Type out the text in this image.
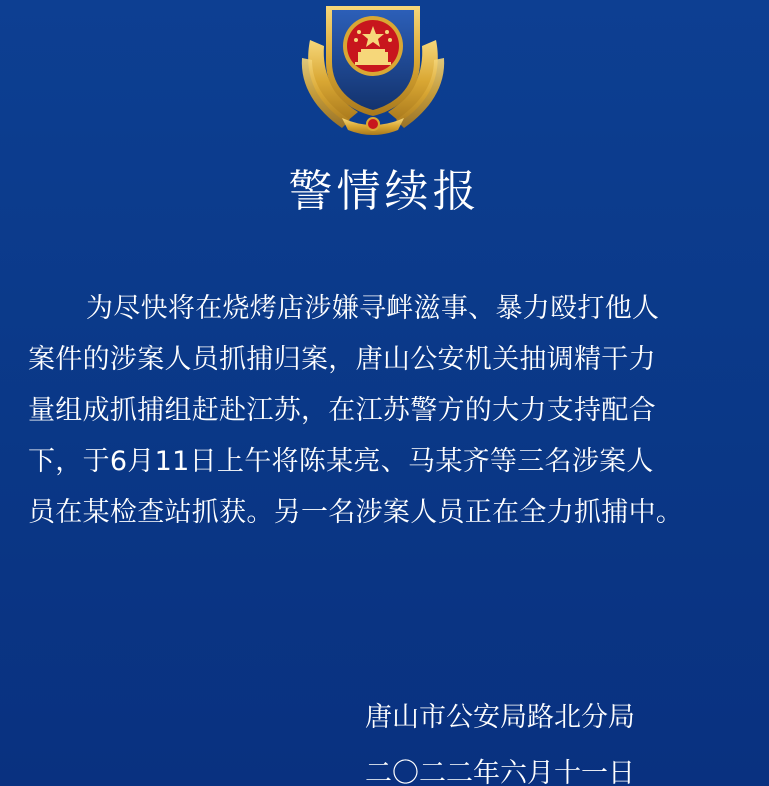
警情续报
为尽快将在烧烤店涉嫌寻衅滋事、暴力殴打他人
案件的涉案人员抓捕归案，唐山公安机关抽调精干力
量组成抓捕组赶赴江苏，在江苏警方的大力支持配合
下，于6月11日上午将陈某亮、马某齐等三名涉案人
员在某检查站抓获。另一名涉案人员正在全力抓捕中。
唐山市公安局路北分局
二〇二二年六月十一日
